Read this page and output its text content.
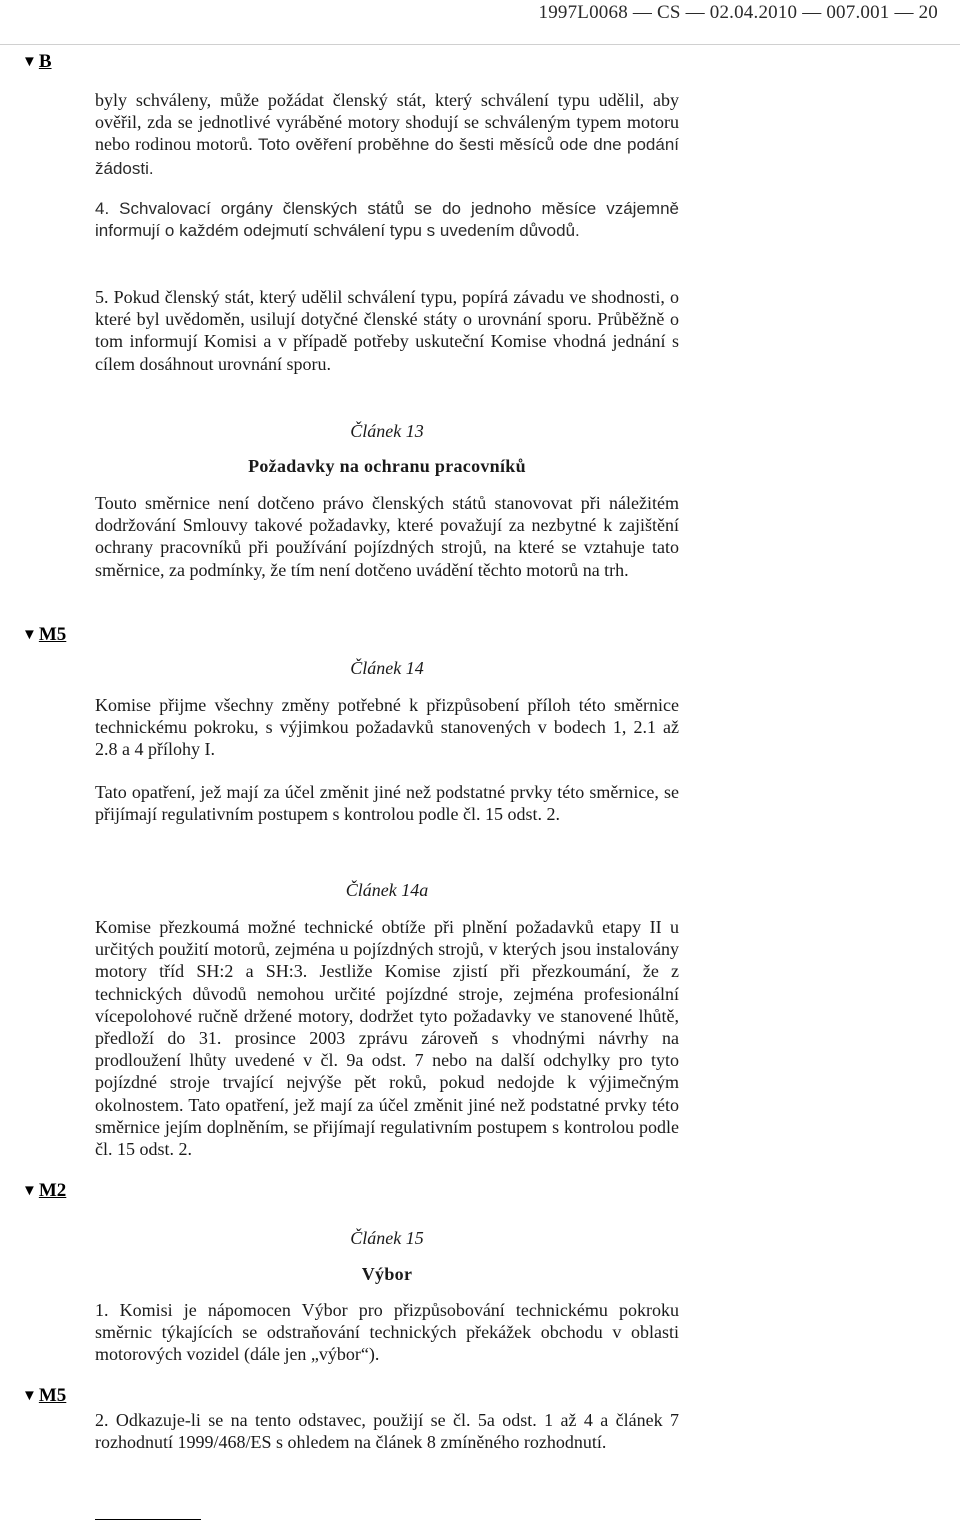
1997L0068 — CS — 02.04.2010 — 007.001 — 20
▼ B

byly schváleny, může požádat členský stát, který schválení typu udělil, aby ověřil, zda se jednotlivé vyráběné motory shodují se schváleným typem motoru nebo rodinou motorů. Toto ověření proběhne do šesti měsíců ode dne podání žádosti.

4. Schvalovací orgány členských států se do jednoho měsíce vzájemně informují o každém odejmutí schválení typu s uvedením důvodů.

5. Pokud členský stát, který udělil schválení typu, popírá závadu ve shodnosti, o které byl uvědoměn, usilují dotyčné členské státy o urovnání sporu. Průběžně o tom informují Komisi a v případě potřeby uskuteční Komise vhodná jednání s cílem dosáhnout urovnání sporu.

Článek 13

Požadavky na ochranu pracovníků

Touto směrnice není dotčeno právo členských států stanovovat při náležitém dodržování Smlouvy takové požadavky, které považují za nezbytné k zajištění ochrany pracovníků při používání pojízdných strojů, na které se vztahuje tato směrnice, za podmínky, že tím není dotčeno uvádění těchto motorů na trh.

▼ M5

Článek 14

Komise přijme všechny změny potřebné k přizpůsobení příloh této směrnice technickému pokroku, s výjimkou požadavků stanovených v bodech 1, 2.1 až 2.8 a 4 přílohy I.

Tato opatření, jež mají za účel změnit jiné než podstatné prvky této směrnice, se přijímají regulativním postupem s kontrolou podle čl. 15 odst. 2.

Článek 14a

Komise přezkoumá možné technické obtíže při plnění požadavků etapy II u určitých použití motorů, zejména u pojízdných strojů, v kterých jsou instalovány motory tříd SH:2 a SH:3. Jestliže Komise zjistí při přezkoumání, že z technických důvodů nemohou určité pojízdné stroje, zejména profesionální vícepolohové ručně držené motory, dodržet tyto požadavky ve stanovené lhůtě, předloží do 31. prosince 2003 zprávu zároveň s vhodnými návrhy na prodloužení lhůty uvedené v čl. 9a odst. 7 nebo na další odchylky pro tyto pojízdné stroje trvající nejvýše pět roků, pokud nedojde k výjimečným okolnostem. Tato opatření, jež mají za účel změnit jiné než podstatné prvky této směrnice jejím doplněním, se přijímají regulativním postupem s kontrolou podle čl. 15 odst. 2.

▼ M2

Článek 15

Výbor

1. Komisi je nápomocen Výbor pro přizpůsobování technickému pokroku směrnic týkajících se odstraňování technických překážek obchodu v oblasti motorových vozidel (dále jen „výbor“).

▼ M5

2. Odkazuje-li se na tento odstavec, použijí se čl. 5a odst. 1 až 4 a článek 7 rozhodnutí 1999/468/ES s ohledem na článek 8 zmíněného rozhodnutí.
